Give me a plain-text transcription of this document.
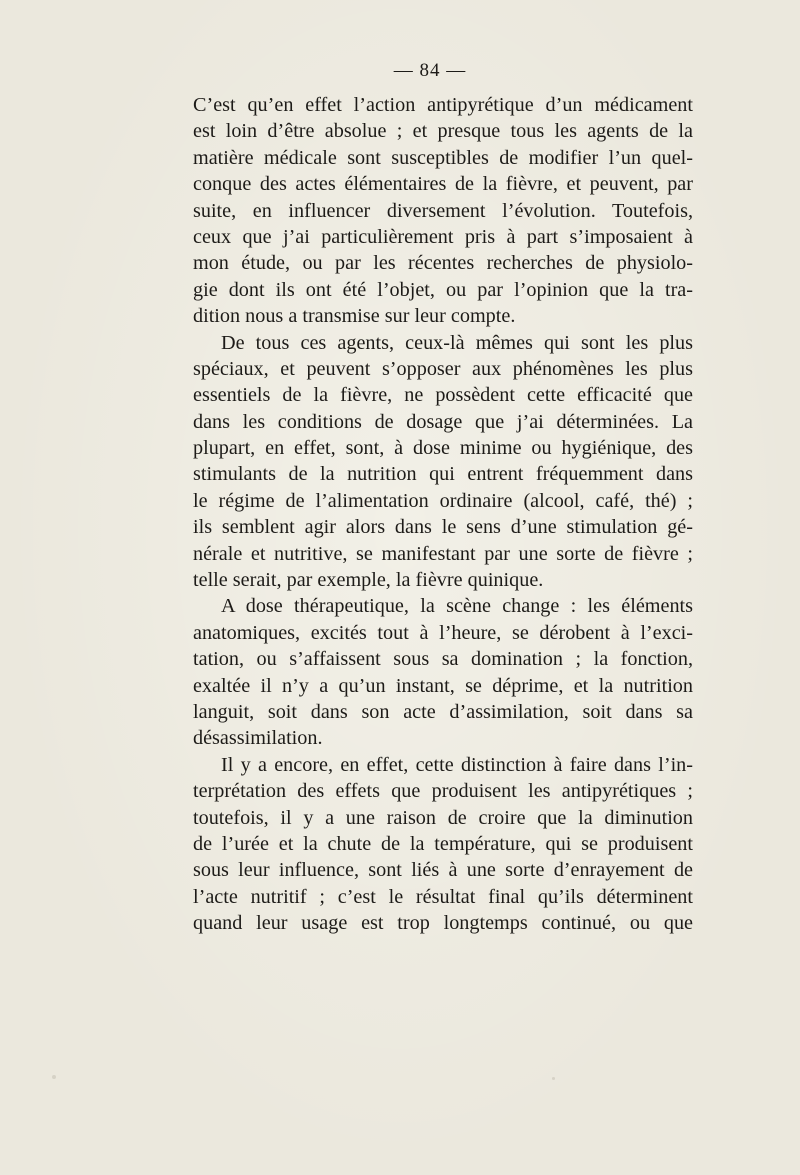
— 84 —
C’est qu’en effet l’action antipyrétique d’un médicament
est loin d’être absolue ; et presque tous les agents de la
matière médicale sont susceptibles de modifier l’un quel-
conque des actes élémentaires de la fièvre, et peuvent, par
suite, en influencer diversement l’évolution. Toutefois,
ceux que j’ai particulièrement pris à part s’imposaient à
mon étude, ou par les récentes recherches de physiolo-
gie dont ils ont été l’objet, ou par l’opinion que la tra-
dition nous a transmise sur leur compte.
De tous ces agents, ceux-là mêmes qui sont les plus
spéciaux, et peuvent s’opposer aux phénomènes les plus
essentiels de la fièvre, ne possèdent cette efficacité que
dans les conditions de dosage que j’ai déterminées. La
plupart, en effet, sont, à dose minime ou hygiénique, des
stimulants de la nutrition qui entrent fréquemment dans
le régime de l’alimentation ordinaire (alcool, café, thé) ;
ils semblent agir alors dans le sens d’une stimulation gé-
nérale et nutritive, se manifestant par une sorte de fièvre ;
telle serait, par exemple, la fièvre quinique.
A dose thérapeutique, la scène change : les éléments
anatomiques, excités tout à l’heure, se dérobent à l’exci-
tation, ou s’affaissent sous sa domination ; la fonction,
exaltée il n’y a qu’un instant, se déprime, et la nutrition
languit, soit dans son acte d’assimilation, soit dans sa
désassimilation.
Il y a encore, en effet, cette distinction à faire dans l’in-
terprétation des effets que produisent les antipyrétiques ;
toutefois, il y a une raison de croire que la diminution
de l’urée et la chute de la température, qui se produisent
sous leur influence, sont liés à une sorte d’enrayement de
l’acte nutritif ; c’est le résultat final qu’ils déterminent
quand leur usage est trop longtemps continué, ou que
